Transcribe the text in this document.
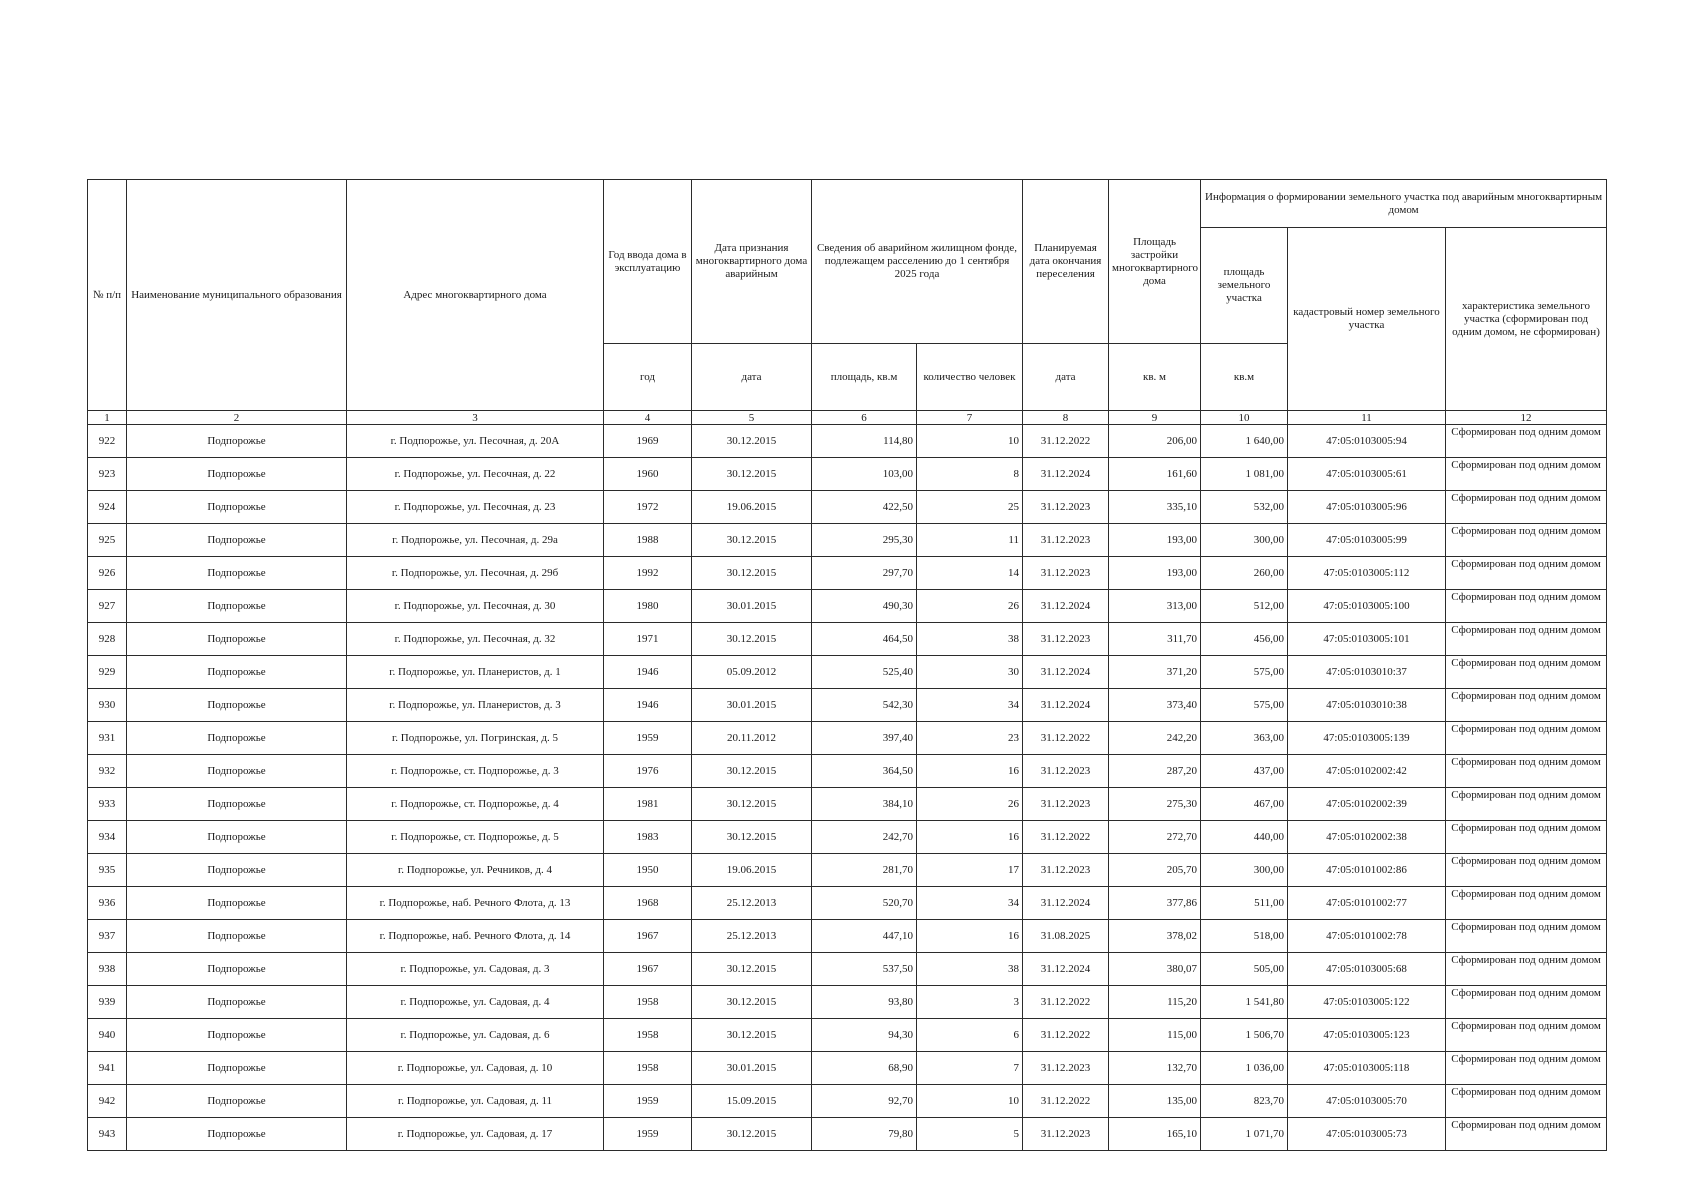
№ п/п	Наименование муниципального образования	Адрес многоквартирного дома	Год ввода дома в эксплуатацию	Дата признания многоквартирного дома аварийным	Сведения об аварийном жилищном фонде, подлежащем расселению до 1 сентября 2025 года		Планируемая дата окончания переселения	Площадь застройки многоквартирного дома	Информация о формировании земельного участка под аварийным многоквартирным домом		
									площадь земельного участка	кадастровый номер земельного участка	характеристика земельного участка (сформирован под одним домом, не сформирован)
			год	дата	площадь, кв.м	количество человек	дата	кв. м	кв.м		
1	2	3	4	5	6	7	8	9	10	11	12
922	Подпорожье	г. Подпорожье, ул. Песочная, д. 20А	1969	30.12.2015	114,80	10	31.12.2022	206,00	1 640,00	47:05:0103005:94	Сформирован под одним домом
923	Подпорожье	г. Подпорожье, ул. Песочная, д. 22	1960	30.12.2015	103,00	8	31.12.2024	161,60	1 081,00	47:05:0103005:61	Сформирован под одним домом
924	Подпорожье	г. Подпорожье, ул. Песочная, д. 23	1972	19.06.2015	422,50	25	31.12.2023	335,10	532,00	47:05:0103005:96	Сформирован под одним домом
925	Подпорожье	г. Подпорожье, ул. Песочная, д. 29а	1988	30.12.2015	295,30	11	31.12.2023	193,00	300,00	47:05:0103005:99	Сформирован под одним домом
926	Подпорожье	г. Подпорожье, ул. Песочная, д. 29б	1992	30.12.2015	297,70	14	31.12.2023	193,00	260,00	47:05:0103005:112	Сформирован под одним домом
927	Подпорожье	г. Подпорожье, ул. Песочная, д. 30	1980	30.01.2015	490,30	26	31.12.2024	313,00	512,00	47:05:0103005:100	Сформирован под одним домом
928	Подпорожье	г. Подпорожье, ул. Песочная, д. 32	1971	30.12.2015	464,50	38	31.12.2023	311,70	456,00	47:05:0103005:101	Сформирован под одним домом
929	Подпорожье	г. Подпорожье, ул. Планеристов, д. 1	1946	05.09.2012	525,40	30	31.12.2024	371,20	575,00	47:05:0103010:37	Сформирован под одним домом
930	Подпорожье	г. Подпорожье, ул. Планеристов, д. 3	1946	30.01.2015	542,30	34	31.12.2024	373,40	575,00	47:05:0103010:38	Сформирован под одним домом
931	Подпорожье	г. Подпорожье, ул. Погринская, д. 5	1959	20.11.2012	397,40	23	31.12.2022	242,20	363,00	47:05:0103005:139	Сформирован под одним домом
932	Подпорожье	г. Подпорожье, ст. Подпорожье, д. 3	1976	30.12.2015	364,50	16	31.12.2023	287,20	437,00	47:05:0102002:42	Сформирован под одним домом
933	Подпорожье	г. Подпорожье, ст. Подпорожье, д. 4	1981	30.12.2015	384,10	26	31.12.2023	275,30	467,00	47:05:0102002:39	Сформирован под одним домом
934	Подпорожье	г. Подпорожье, ст. Подпорожье, д. 5	1983	30.12.2015	242,70	16	31.12.2022	272,70	440,00	47:05:0102002:38	Сформирован под одним домом
935	Подпорожье	г. Подпорожье, ул. Речников, д. 4	1950	19.06.2015	281,70	17	31.12.2023	205,70	300,00	47:05:0101002:86	Сформирован под одним домом
936	Подпорожье	г. Подпорожье, наб. Речного Флота, д. 13	1968	25.12.2013	520,70	34	31.12.2024	377,86	511,00	47:05:0101002:77	Сформирован под одним домом
937	Подпорожье	г. Подпорожье, наб. Речного Флота, д. 14	1967	25.12.2013	447,10	16	31.08.2025	378,02	518,00	47:05:0101002:78	Сформирован под одним домом
938	Подпорожье	г. Подпорожье, ул. Садовая, д. 3	1967	30.12.2015	537,50	38	31.12.2024	380,07	505,00	47:05:0103005:68	Сформирован под одним домом
939	Подпорожье	г. Подпорожье, ул. Садовая, д. 4	1958	30.12.2015	93,80	3	31.12.2022	115,20	1 541,80	47:05:0103005:122	Сформирован под одним домом
940	Подпорожье	г. Подпорожье, ул. Садовая, д. 6	1958	30.12.2015	94,30	6	31.12.2022	115,00	1 506,70	47:05:0103005:123	Сформирован под одним домом
941	Подпорожье	г. Подпорожье, ул. Садовая, д. 10	1958	30.01.2015	68,90	7	31.12.2023	132,70	1 036,00	47:05:0103005:118	Сформирован под одним домом
942	Подпорожье	г. Подпорожье, ул. Садовая, д. 11	1959	15.09.2015	92,70	10	31.12.2022	135,00	823,70	47:05:0103005:70	Сформирован под одним домом
943	Подпорожье	г. Подпорожье, ул. Садовая, д. 17	1959	30.12.2015	79,80	5	31.12.2023	165,10	1 071,70	47:05:0103005:73	Сформирован под одним домом
